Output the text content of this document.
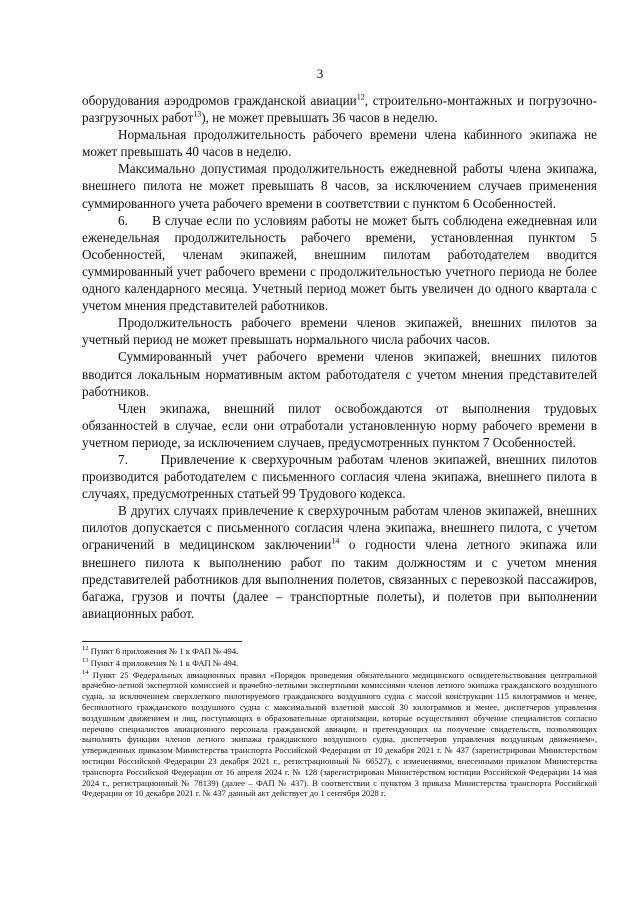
3

оборудования аэродромов гражданской авиации$^{12}$, строительно-монтажных и погрузочно-разгрузочных работ$^{13}$), не может превышать 36 часов в неделю.

Нормальная продолжительность рабочего времени члена кабинного экипажа не может превышать 40 часов в неделю.

Максимально допустимая продолжительность ежедневной работы члена экипажа, внешнего пилота не может превышать 8 часов, за исключением случаев применения суммированного учета рабочего времени в соответствии с пунктом 6 Особенностей.

6.      В случае если по условиям работы не может быть соблюдена ежедневная или еженедельная продолжительность рабочего времени, установленная пунктом 5 Особенностей, членам экипажей, внешним пилотам работодателем вводится суммированный учет рабочего времени с продолжительностью учетного периода не более одного календарного месяца. Учетный период может быть увеличен до одного квартала с учетом мнения представителей работников.

Продолжительность рабочего времени членов экипажей, внешних пилотов за учетный период не может превышать нормального числа рабочих часов.

Суммированный учет рабочего времени членов экипажей, внешних пилотов вводится локальным нормативным актом работодателя с учетом мнения представителей работников.

Член экипажа, внешний пилот освобождаются от выполнения трудовых обязанностей в случае, если они отработали установленную норму рабочего времени в учетном периоде, за исключением случаев, предусмотренных пунктом 7 Особенностей.

7.      Привлечение к сверхурочным работам членов экипажей, внешних пилотов производится работодателем с письменного согласия члена экипажа, внешнего пилота в случаях, предусмотренных статьей 99 Трудового кодекса.

В других случаях привлечение к сверхурочным работам членов экипажей, внешних пилотов допускается с письменного согласия члена экипажа, внешнего пилота, с учетом ограничений в медицинском заключении$^{14}$ о годности члена летного экипажа или внешнего пилота к выполнению работ по таким должностям и с учетом мнения представителей работников для выполнения полетов, связанных с перевозкой пассажиров, багажа, грузов и почты (далее – транспортные полеты), и полетов при выполнении авиационных работ.

$^{12}$ Пункт 6 приложения № 1 к ФАП № 494.

$^{13}$ Пункт 4 приложения № 1 к ФАП № 494.

$^{14}$ Пункт 25 Федеральных авиационных правил «Порядок проведения обязательного медицинского освидетельствования центральной врачебно-летной экспертной комиссией и врачебно-летными экспертными комиссиями членов летного экипажа гражданского воздушного судна, за исключением сверхлегкого пилотируемого гражданского воздушного судна с массой конструкции 115 килограммов и менее, беспилотного гражданского воздушного судна с максимальной взлетной массой 30 килограммов и менее, диспетчеров управления воздушным движением и лиц, поступающих в образовательные организации, которые осуществляют обучение специалистов согласно перечню специалистов авиационного персонала гражданской авиации, и претендующих на получение свидетельств, позволяющих выполнять функции членов летного экипажа гражданского воздушного судна, диспетчеров управления воздушным движением», утвержденных приказом Министерства транспорта Российской Федерации от 10 декабря 2021 г. № 437 (зарегистрирован Министерством юстиции Российской Федерации 23 декабря 2021 г., регистрационный № 66527), с изменениями, внесенными приказом Министерства транспорта Российской Федерации от 16 апреля 2024 г. № 128 (зарегистрирован Министерством юстиции Российской Федерации 14 мая 2024 г., регистрационный № 78139) (далее – ФАП № 437). В соответствии с пунктом 3 приказа Министерства транспорта Российской Федерации от 10 декабря 2021 г. № 437 данный акт действует до 1 сентября 2028 г.
